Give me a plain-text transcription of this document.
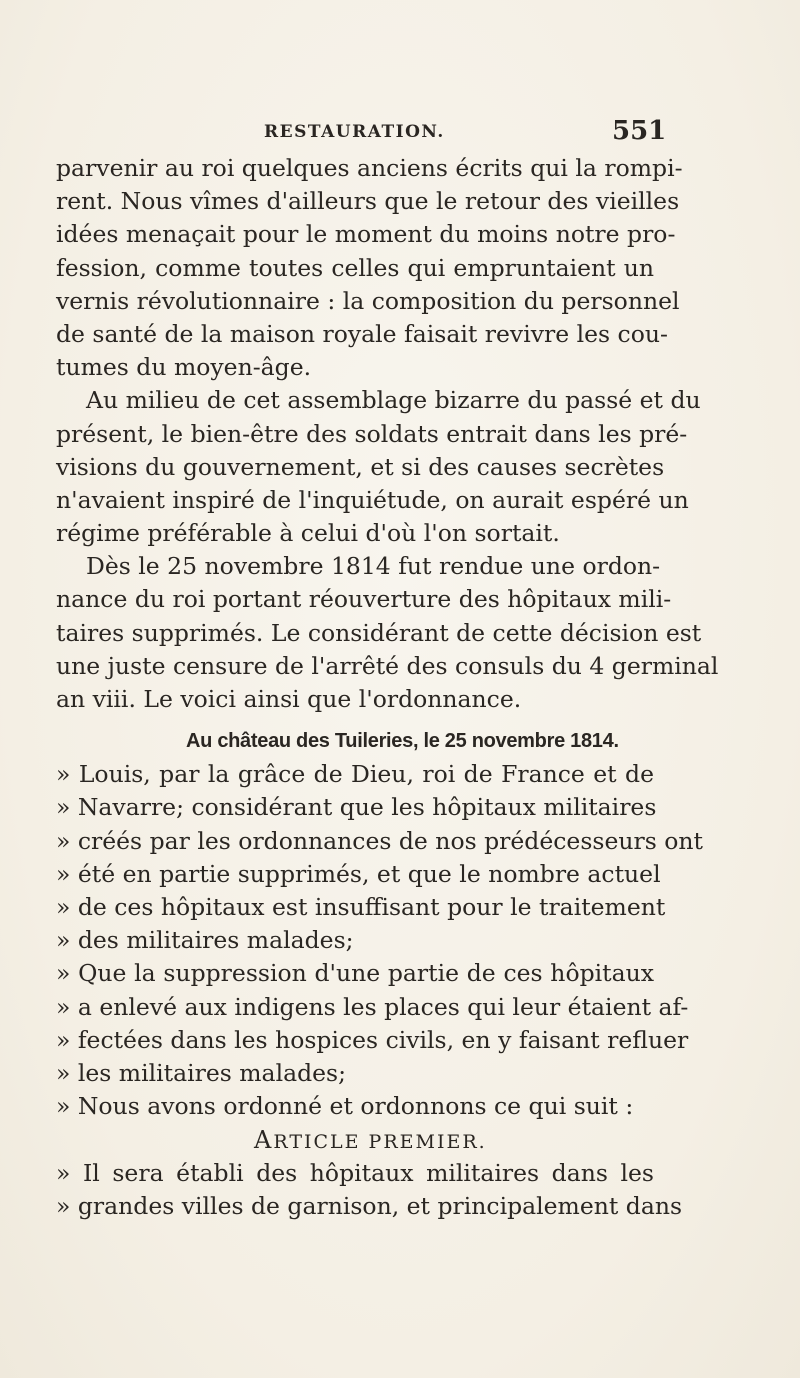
RESTAURATION.	551
parvenir au roi quelques anciens écrits qui la rompi-
rent. Nous vîmes d'ailleurs que le retour des vieilles
idées menaçait pour le moment du moins notre pro-
fession, comme toutes celles qui empruntaient un
vernis révolutionnaire : la composition du personnel
de santé de la maison royale faisait revivre les cou-
tumes du moyen-âge.
Au milieu de cet assemblage bizarre du passé et du
présent, le bien-être des soldats entrait dans les pré-
visions du gouvernement, et si des causes secrètes
n'avaient inspiré de l'inquiétude, on aurait espéré un
régime préférable à celui d'où l'on sortait.
Dès le 25 novembre 1814 fut rendue une ordon-
nance du roi portant réouverture des hôpitaux mili-
taires supprimés. Le considérant de cette décision est
une juste censure de l'arrêté des consuls du 4 germinal
an viii. Le voici ainsi que l'ordonnance.
Au château des Tuileries, le 25 novembre 1814.
» Louis, par la grâce de Dieu, roi de France et de
» Navarre; considérant que les hôpitaux militaires
» créés par les ordonnances de nos prédécesseurs ont
» été en partie supprimés, et que le nombre actuel
» de ces hôpitaux est insuffisant pour le traitement
» des militaires malades;
» Que la suppression d'une partie de ces hôpitaux
» a enlevé aux indigens les places qui leur étaient af-
» fectées dans les hospices civils, en y faisant refluer
» les militaires malades;
» Nous avons ordonné et ordonnons ce qui suit :
ARTICLE PREMIER.
» Il sera établi des hôpitaux militaires dans les
» grandes villes de garnison, et principalement dans
